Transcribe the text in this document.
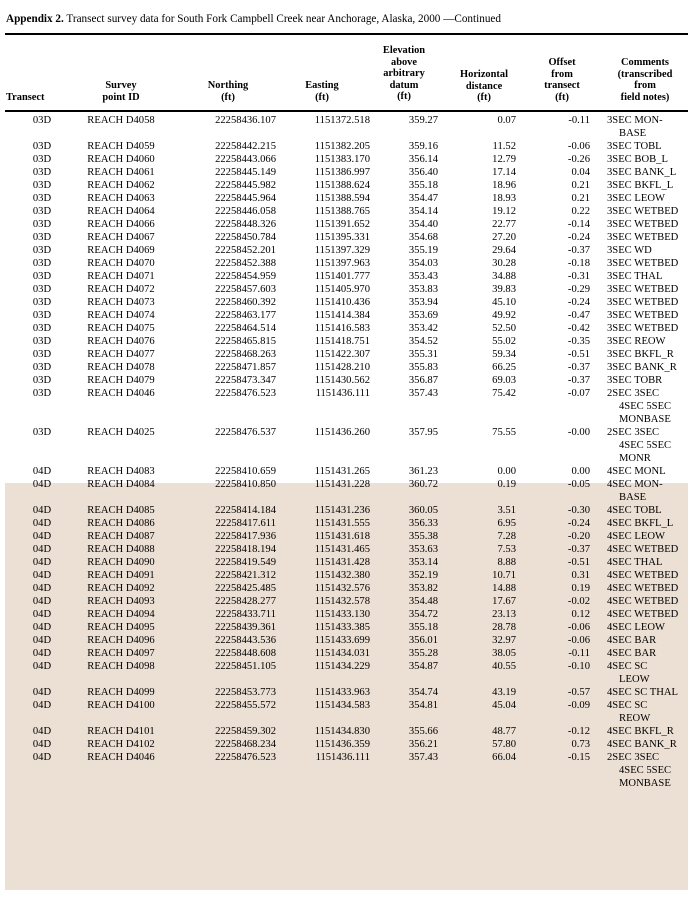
Appendix 2. Transect survey data for South Fork Campbell Creek near Anchorage, Alaska, 2000 —Continued
Transect
Survey
point ID
Northing
(ft)
Easting
(ft)
Elevation
above
arbitrary
datum
(ft)
Horizontal
distance
(ft)
Offset
from
transect
(ft)
Comments
(transcribed
from
field notes)
03D	REACH D4058	22258436.107	1151372.518	359.27	0.07	-0.11 3SEC MON-
BASE
03D	REACH D4059	22258442.215	1151382.205	359.16	11.52	-0.06 3SEC TOBL
03D	REACH D4060	22258443.066	1151383.170	356.14	12.79	-0.26 3SEC BOB_L
03D	REACH D4061	22258445.149	1151386.997	356.40	17.14	0.04 3SEC BANK_L
03D	REACH D4062	22258445.982	1151388.624	355.18	18.96	0.21 3SEC BKFL_L
03D	REACH D4063	22258445.964	1151388.594	354.47	18.93	0.21 3SEC LEOW
03D	REACH D4064	22258446.058	1151388.765	354.14	19.12	0.22 3SEC WETBED
03D	REACH D4066	22258448.326	1151391.652	354.40	22.77	-0.14 3SEC WETBED
03D	REACH D4067	22258450.784	1151395.331	354.68	27.20	-0.24 3SEC WETBED
03D	REACH D4069	22258452.201	1151397.329	355.19	29.64	-0.37 3SEC WD
03D	REACH D4070	22258452.388	1151397.963	354.03	30.28	-0.18 3SEC WETBED
03D	REACH D4071	22258454.959	1151401.777	353.43	34.88	-0.31 3SEC THAL
03D	REACH D4072	22258457.603	1151405.970	353.83	39.83	-0.29 3SEC WETBED
03D	REACH D4073	22258460.392	1151410.436	353.94	45.10	-0.24 3SEC WETBED
03D	REACH D4074	22258463.177	1151414.384	353.69	49.92	-0.47 3SEC WETBED
03D	REACH D4075	22258464.514	1151416.583	353.42	52.50	-0.42 3SEC WETBED
03D	REACH D4076	22258465.815	1151418.751	354.52	55.02	-0.35 3SEC REOW
03D	REACH D4077	22258468.263	1151422.307	355.31	59.34	-0.51 3SEC BKFL_R
03D	REACH D4078	22258471.857	1151428.210	355.83	66.25	-0.37 3SEC BANK_R
03D	REACH D4079	22258473.347	1151430.562	356.87	69.03	-0.37 3SEC TOBR
03D	REACH D4046	22258476.523	1151436.111	357.43	75.42	-0.07 2SEC 3SEC
4SEC 5SEC
MONBASE
03D	REACH D4025	22258476.537	1151436.260	357.95	75.55	-0.00 2SEC 3SEC
4SEC 5SEC
MONR
04D	REACH D4083	22258410.659	1151431.265	361.23	0.00	0.00 4SEC MONL
04D	REACH D4084	22258410.850	1151431.228	360.72	0.19	-0.05 4SEC MON-
BASE
04D	REACH D4085	22258414.184	1151431.236	360.05	3.51	-0.30 4SEC TOBL
04D	REACH D4086	22258417.611	1151431.555	356.33	6.95	-0.24 4SEC BKFL_L
04D	REACH D4087	22258417.936	1151431.618	355.38	7.28	-0.20 4SEC LEOW
04D	REACH D4088	22258418.194	1151431.465	353.63	7.53	-0.37 4SEC WETBED
04D	REACH D4090	22258419.549	1151431.428	353.14	8.88	-0.51 4SEC THAL
04D	REACH D4091	22258421.312	1151432.380	352.19	10.71	0.31 4SEC WETBED
04D	REACH D4092	22258425.485	1151432.576	353.82	14.88	0.19 4SEC WETBED
04D	REACH D4093	22258428.277	1151432.578	354.48	17.67	-0.02 4SEC WETBED
04D	REACH D4094	22258433.711	1151433.130	354.72	23.13	0.12 4SEC WETBED
04D	REACH D4095	22258439.361	1151433.385	355.18	28.78	-0.06 4SEC LEOW
04D	REACH D4096	22258443.536	1151433.699	356.01	32.97	-0.06 4SEC BAR
04D	REACH D4097	22258448.608	1151434.031	355.28	38.05	-0.11 4SEC BAR
04D	REACH D4098	22258451.105	1151434.229	354.87	40.55	-0.10 4SEC SC
LEOW
04D	REACH D4099	22258453.773	1151433.963	354.74	43.19	-0.57 4SEC SC THAL
04D	REACH D4100	22258455.572	1151434.583	354.81	45.04	-0.09 4SEC SC
REOW
04D	REACH D4101	22258459.302	1151434.830	355.66	48.77	-0.12 4SEC BKFL_R
04D	REACH D4102	22258468.234	1151436.359	356.21	57.80	0.73 4SEC BANK_R
04D	REACH D4046	22258476.523	1151436.111	357.43	66.04	-0.15 2SEC 3SEC
4SEC 5SEC
MONBASE
